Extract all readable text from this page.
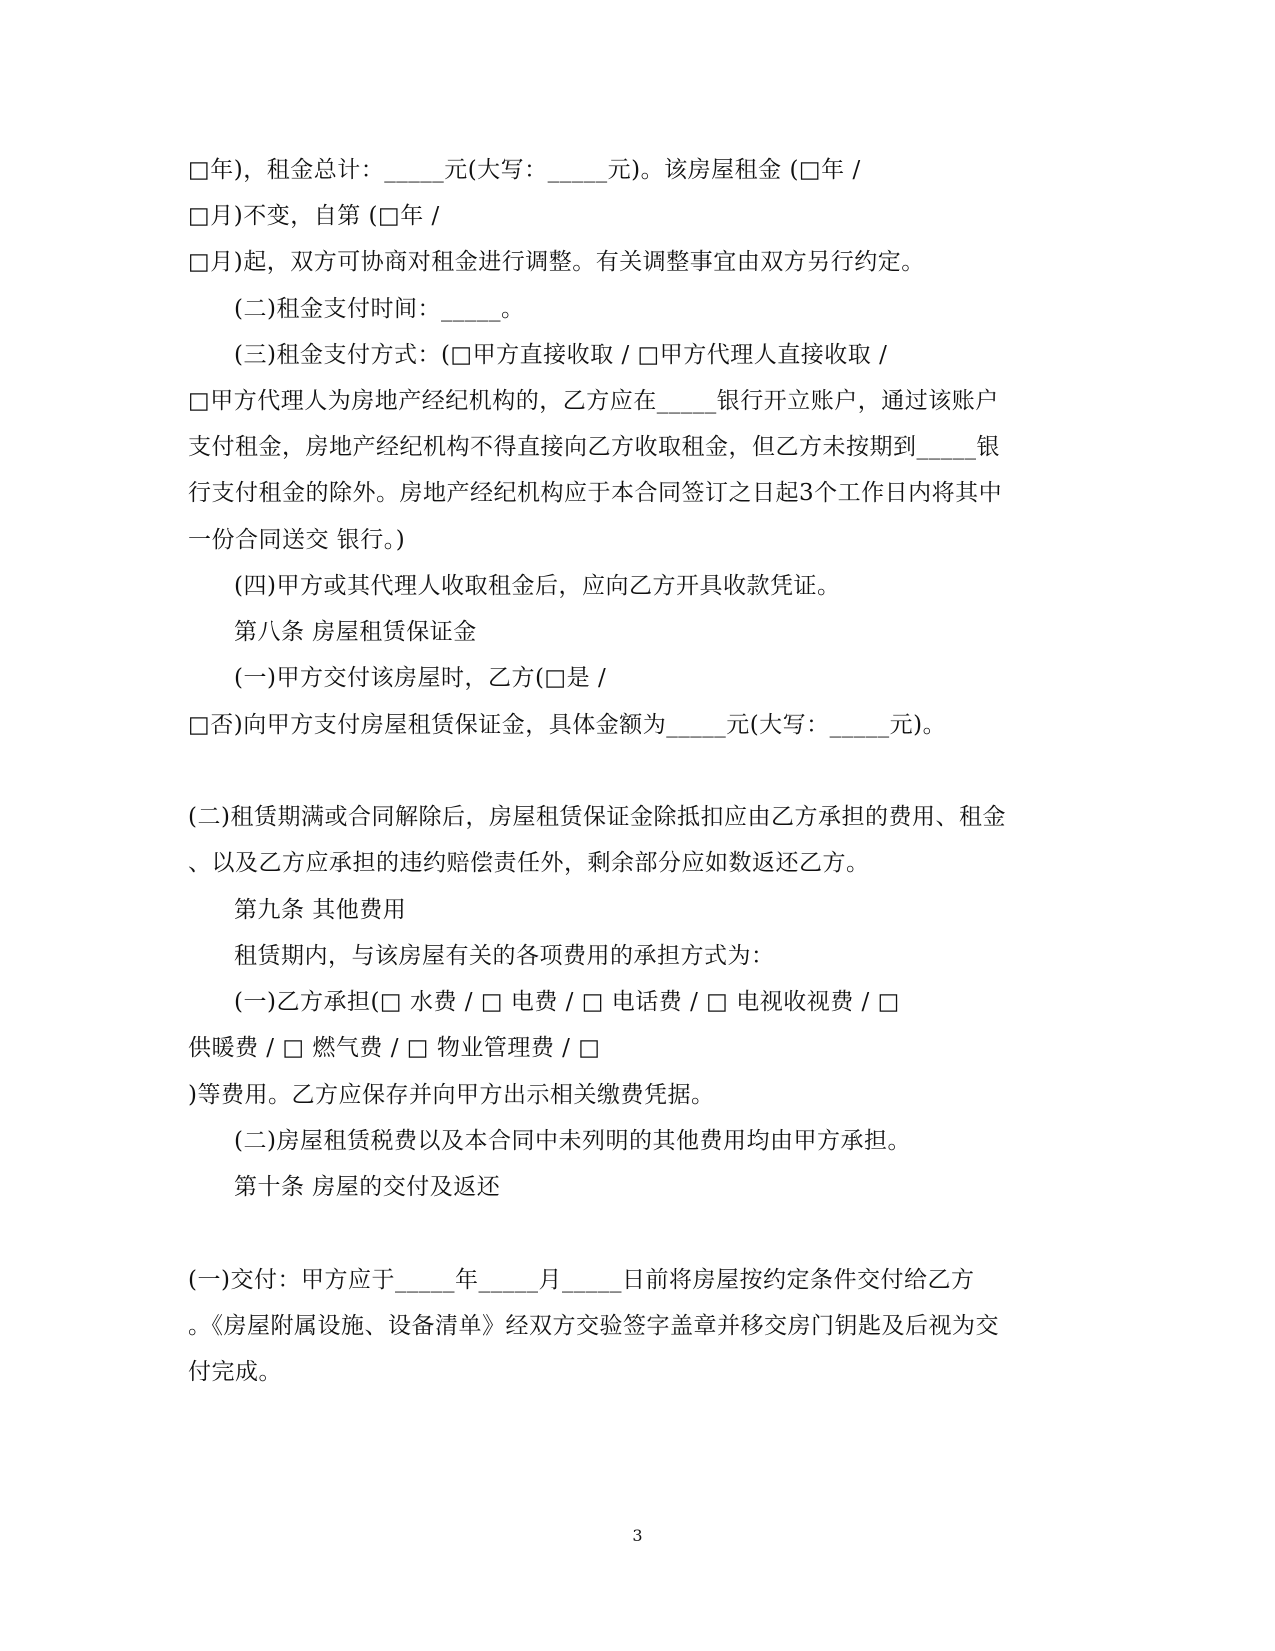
□年)，租金总计：_____元(大写：_____元)。该房屋租金 (□年 /
□月)不变，自第 (□年 /
□月)起，双方可协商对租金进行调整。有关调整事宜由双方另行约定。
(二)租金支付时间：_____。
(三)租金支付方式：(□甲方直接收取 / □甲方代理人直接收取 /
□甲方代理人为房地产经纪机构的，乙方应在_____银行开立账户，通过该账户
支付租金，房地产经纪机构不得直接向乙方收取租金，但乙方未按期到_____银
行支付租金的除外。房地产经纪机构应于本合同签订之日起3个工作日内将其中
一份合同送交 银行。)
(四)甲方或其代理人收取租金后，应向乙方开具收款凭证。
第八条 房屋租赁保证金
(一)甲方交付该房屋时，乙方(□是 /
□否)向甲方支付房屋租赁保证金，具体金额为_____元(大写：_____元)。
(二)租赁期满或合同解除后，房屋租赁保证金除抵扣应由乙方承担的费用、租金
、以及乙方应承担的违约赔偿责任外，剩余部分应如数返还乙方。
第九条 其他费用
租赁期内，与该房屋有关的各项费用的承担方式为：
(一)乙方承担(□ 水费 / □ 电费 / □ 电话费 / □ 电视收视费 / □
供暖费 / □ 燃气费 / □ 物业管理费 / □
)等费用。乙方应保存并向甲方出示相关缴费凭据。
(二)房屋租赁税费以及本合同中未列明的其他费用均由甲方承担。
第十条 房屋的交付及返还
(一)交付：甲方应于_____年_____月_____日前将房屋按约定条件交付给乙方
。《房屋附属设施、设备清单》经双方交验签字盖章并移交房门钥匙及后视为交
付完成。
3
